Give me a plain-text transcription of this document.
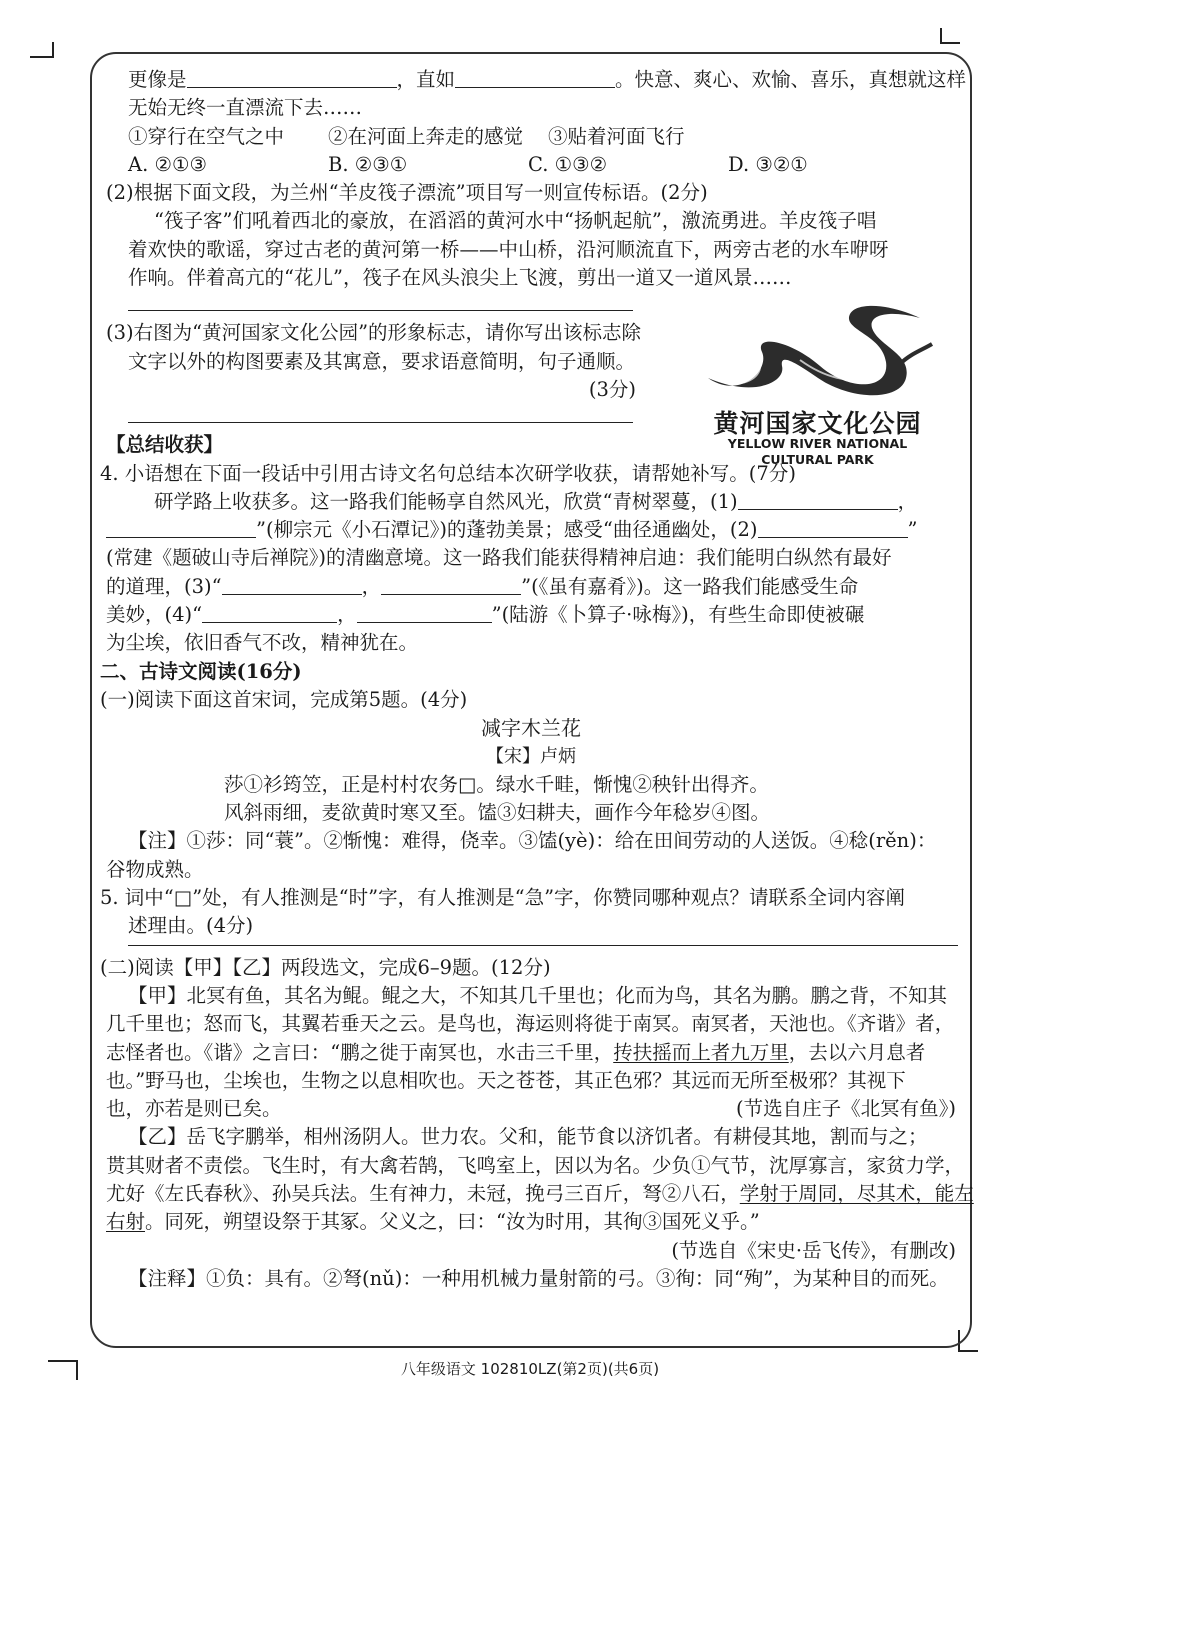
更像是	，直如	。快意、爽心、欢愉、喜乐，真想就这样
无始无终一直漂流下去……
①穿行在空气之中 ②在河面上奔走的感觉 ③贴着河面飞行
A. ②①③	B. ②③①	C. ①③②	D. ③②①
(2)根据下面文段，为兰州“羊皮筏子漂流”项目写一则宣传标语。(2分)
“筏子客”们吼着西北的豪放，在滔滔的黄河水中“扬帆起航”，激流勇进。羊皮筏子唱
着欢快的歌谣，穿过古老的黄河第一桥——中山桥，沿河顺流直下，两旁古老的水车咿呀
作响。伴着高亢的“花儿”，筏子在风头浪尖上飞渡，剪出一道又一道风景……
(3)右图为“黄河国家文化公园”的形象标志，请你写出该标志除
文字以外的构图要素及其寓意，要求语意简明，句子通顺。
(3分)
【总结收获】
4. 小语想在下面一段话中引用古诗文名句总结本次研学收获，请帮她补写。(7分)
研学路上收获多。这一路我们能畅享自然风光，欣赏“青树翠蔓，(1)	，
”(柳宗元《小石潭记》)的蓬勃美景；感受“曲径通幽处，(2)	”
(常建《题破山寺后禅院》)的清幽意境。这一路我们能获得精神启迪：我们能明白纵然有最好
的道理，(3)“	，	”(《虽有嘉肴》)。这一路我们能感受生命
美妙，(4)“	，	”(陆游《卜算子·咏梅》)，有些生命即使被碾
为尘埃，依旧香气不改，精神犹在。
二、古诗文阅读(16分)
(一)阅读下面这首宋词，完成第5题。(4分)
减字木兰花
【宋】卢炳
莎①衫筠笠，正是村村农务□。绿水千畦，惭愧②秧针出得齐。
风斜雨细，麦欲黄时寒又至。馌③妇耕夫，画作今年稔岁④图。
【注】①莎：同“蓑”。②惭愧：难得，侥幸。③馌(yè)：给在田间劳动的人送饭。④稔(rěn)：
谷物成熟。
5. 词中“□”处，有人推测是“时”字，有人推测是“急”字，你赞同哪种观点？请联系全词内容阐
述理由。(4分)
(二)阅读【甲】【乙】两段选文，完成6–9题。(12分)
【甲】北冥有鱼，其名为鲲。鲲之大，不知其几千里也；化而为鸟，其名为鹏。鹏之背，不知其
几千里也；怒而飞，其翼若垂天之云。是鸟也，海运则将徙于南冥。南冥者，天池也。《齐谐》者，
志怪者也。《谐》之言曰：“鹏之徙于南冥也，水击三千里，抟扶摇而上者九万里，去以六月息者
也。”野马也，尘埃也，生物之以息相吹也。天之苍苍，其正色邪？其远而无所至极邪？其视下
也，亦若是则已矣。	(节选自庄子《北冥有鱼》)
【乙】岳飞字鹏举，相州汤阴人。世力农。父和，能节食以济饥者。有耕侵其地，割而与之；
贳其财者不责偿。飞生时，有大禽若鹄，飞鸣室上，因以为名。少负①气节，沈厚寡言，家贫力学，
尤好《左氏春秋》、孙吴兵法。生有神力，未冠，挽弓三百斤，弩②八石，学射于周同，尽其术，能左
右射。同死，朔望设祭于其冢。父义之，曰：“汝为时用，其徇③国死义乎。”
(节选自《宋史·岳飞传》，有删改)
【注释】①负：具有。②弩(nǔ)：一种用机械力量射箭的弓。③徇：同“殉”，为某种目的而死。
黄河国家文化公园
YELLOW RIVER NATIONAL
CULTURAL PARK
八年级语文 102810LZ(第2页)(共6页)
